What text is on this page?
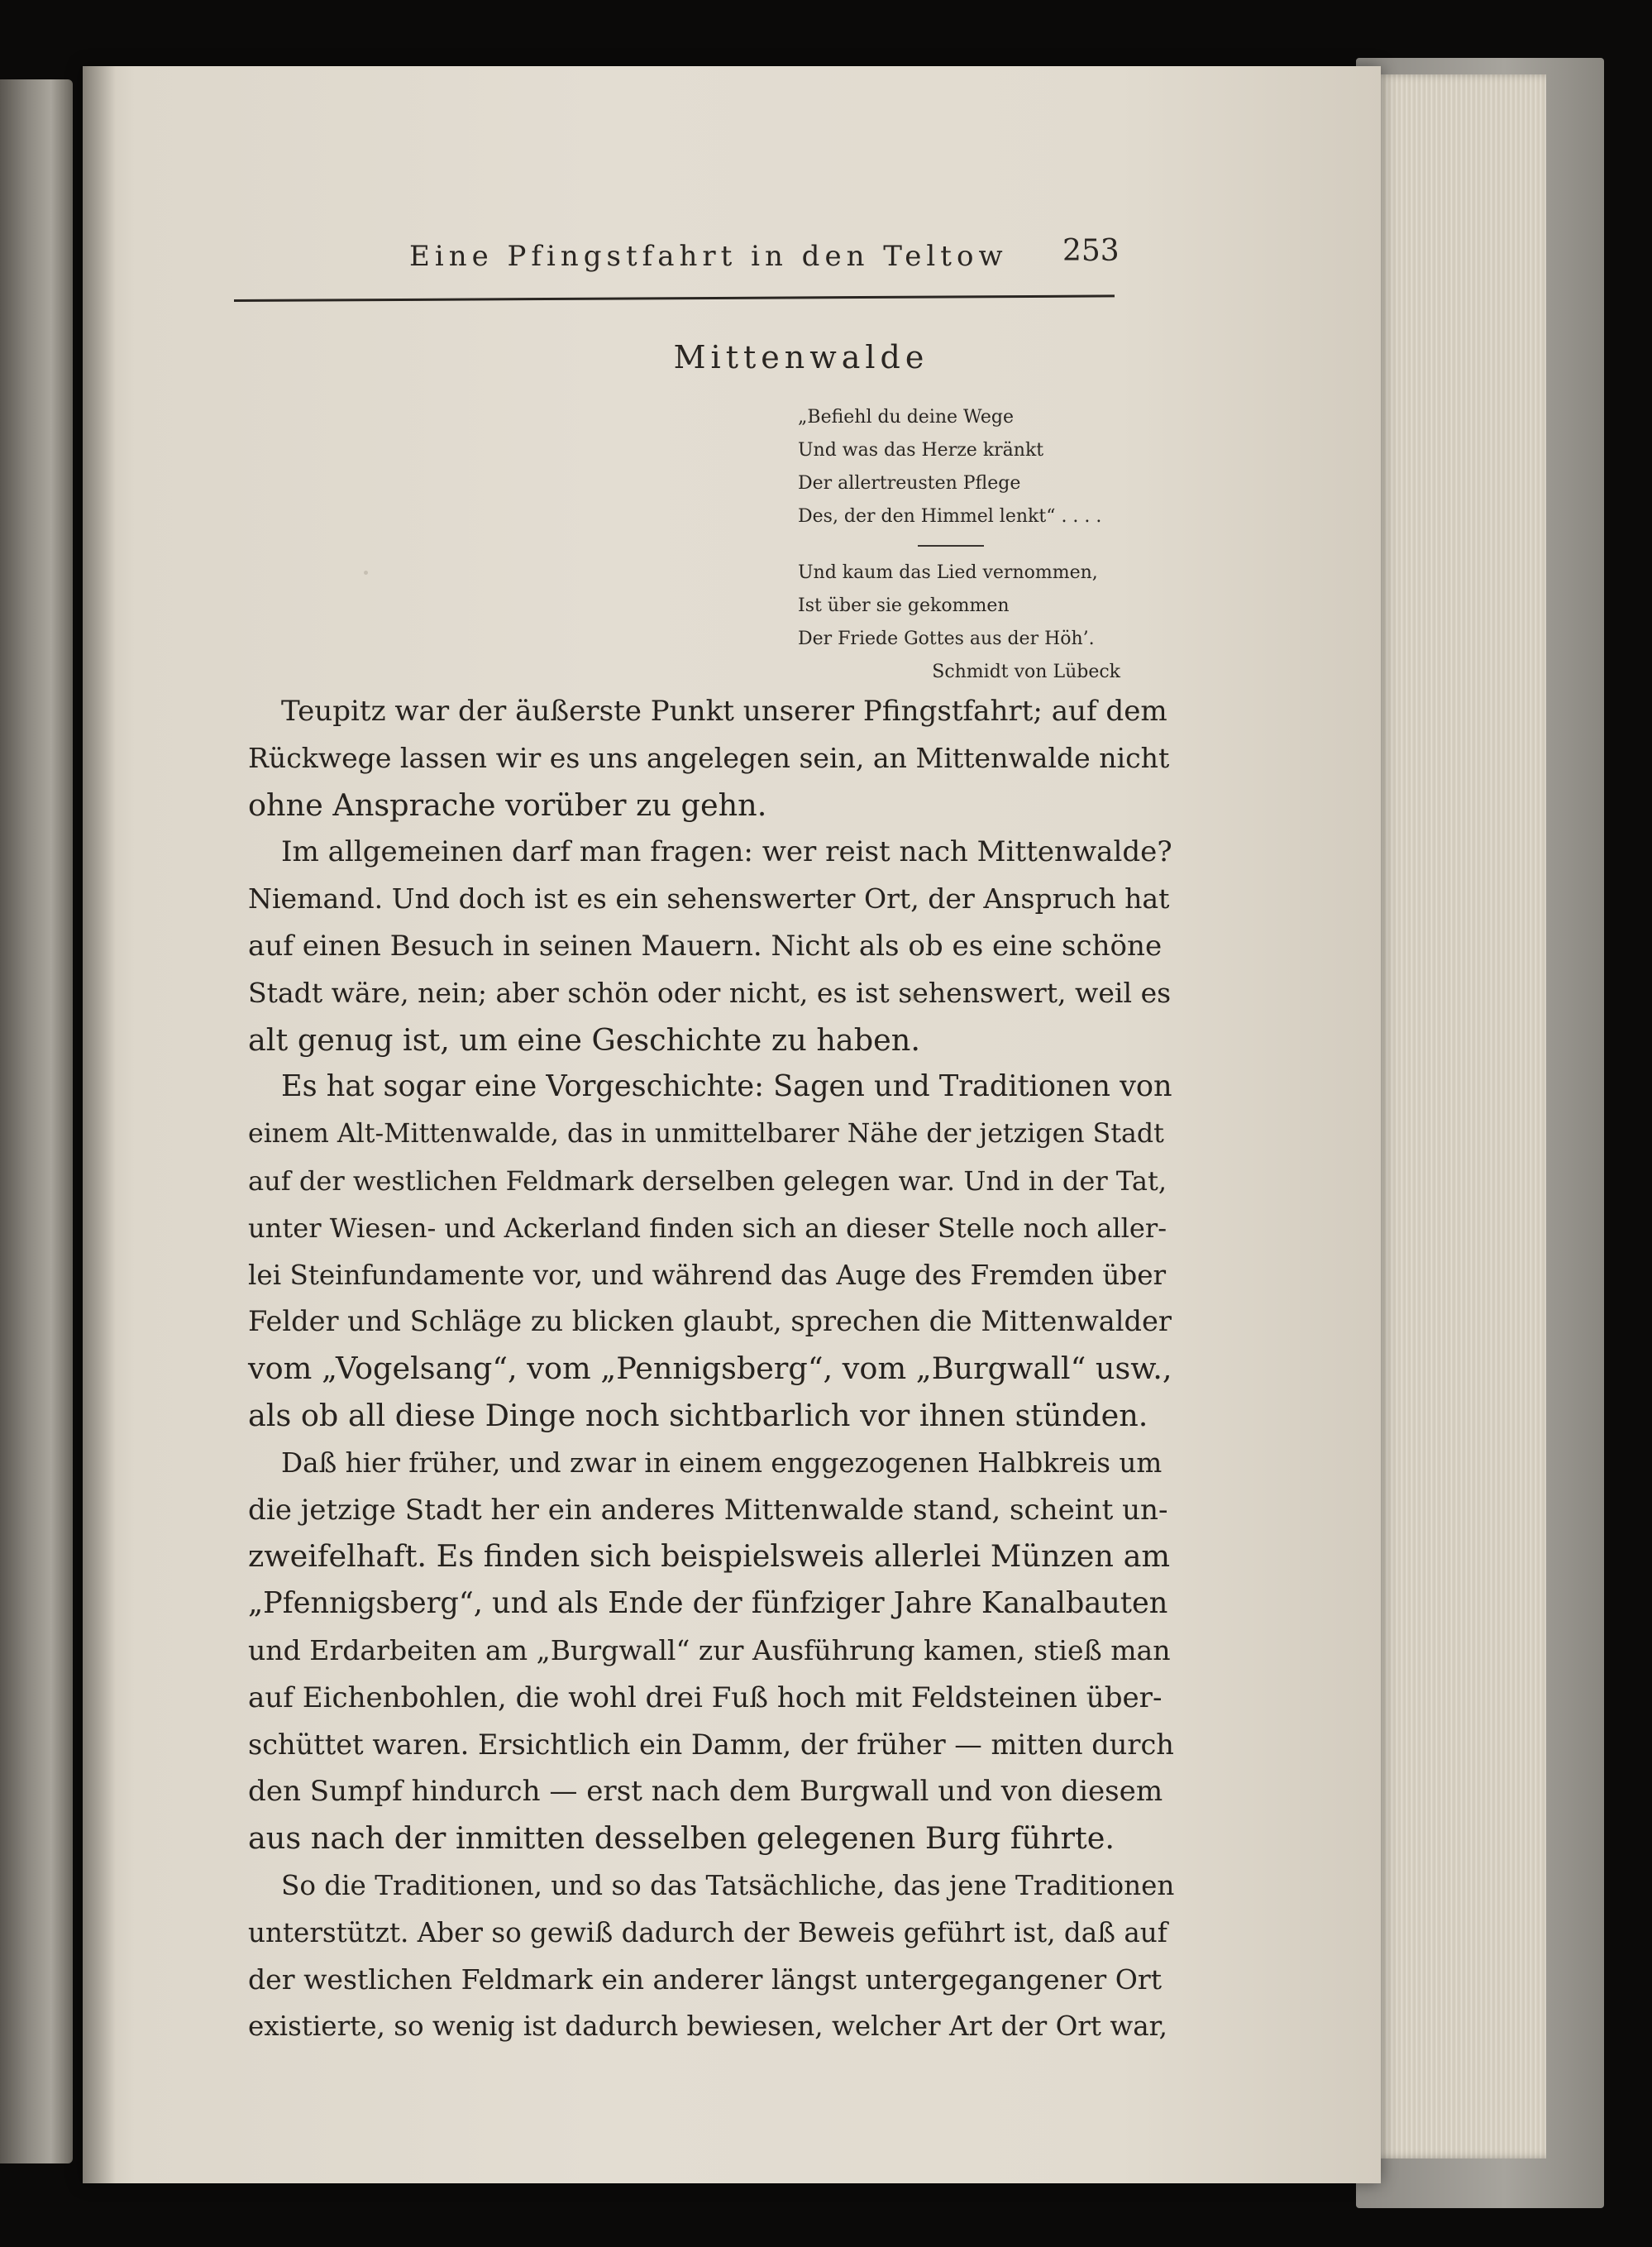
Eine Pfingstfahrt in den Teltow 253
Mittenwalde
„Befiehl du deine Wege
Und was das Herze kränkt
Der allertreusten Pflege
Des, der den Himmel lenkt“ . . . .
Und kaum das Lied vernommen,
Ist über sie gekommen
Der Friede Gottes aus der Höh’.
Schmidt von Lübeck
Teupitz war der äußerste Punkt unserer Pfingstfahrt; auf dem
Rückwege lassen wir es uns angelegen sein, an Mittenwalde nicht
ohne Ansprache vorüber zu gehn.
Im allgemeinen darf man fragen: wer reist nach Mittenwalde?
Niemand. Und doch ist es ein sehenswerter Ort, der Anspruch hat
auf einen Besuch in seinen Mauern. Nicht als ob es eine schöne
Stadt wäre, nein; aber schön oder nicht, es ist sehenswert, weil es
alt genug ist, um eine Geschichte zu haben.
Es hat sogar eine Vorgeschichte: Sagen und Traditionen von
einem Alt-Mittenwalde, das in unmittelbarer Nähe der jetzigen Stadt
auf der westlichen Feldmark derselben gelegen war. Und in der Tat,
unter Wiesen- und Ackerland finden sich an dieser Stelle noch aller-
lei Steinfundamente vor, und während das Auge des Fremden über
Felder und Schläge zu blicken glaubt, sprechen die Mittenwalder
vom „Vogelsang“, vom „Pennigsberg“, vom „Burgwall“ usw.,
als ob all diese Dinge noch sichtbarlich vor ihnen stünden.
Daß hier früher, und zwar in einem enggezogenen Halbkreis um
die jetzige Stadt her ein anderes Mittenwalde stand, scheint un-
zweifelhaft. Es finden sich beispielsweis allerlei Münzen am
„Pfennigsberg“, und als Ende der fünfziger Jahre Kanalbauten
und Erdarbeiten am „Burgwall“ zur Ausführung kamen, stieß man
auf Eichenbohlen, die wohl drei Fuß hoch mit Feldsteinen über-
schüttet waren. Ersichtlich ein Damm, der früher — mitten durch
den Sumpf hindurch — erst nach dem Burgwall und von diesem
aus nach der inmitten desselben gelegenen Burg führte.
So die Traditionen, und so das Tatsächliche, das jene Traditionen
unterstützt. Aber so gewiß dadurch der Beweis geführt ist, daß auf
der westlichen Feldmark ein anderer längst untergegangener Ort
existierte, so wenig ist dadurch bewiesen, welcher Art der Ort war,
